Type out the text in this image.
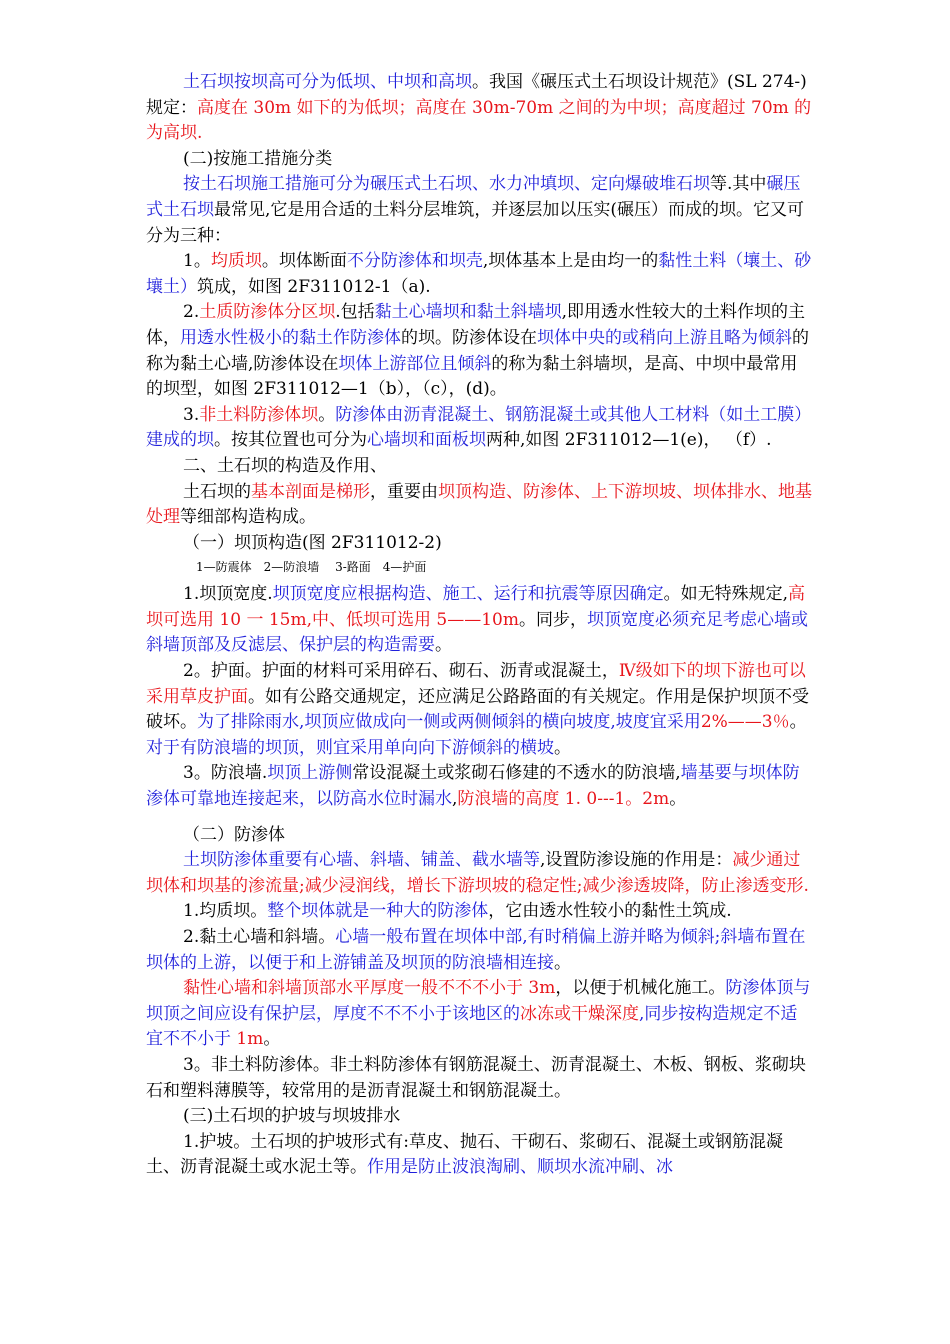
土石坝按坝高可分为低坝、中坝和高坝。我国《碾压式土石坝设计规范》(SL 274-)规定：高度在 30m 如下的为低坝；高度在 30m-70m 之间的为中坝；高度超过 70m 的为高坝.

(二)按施工措施分类

按土石坝施工措施可分为碾压式土石坝、水力冲填坝、定向爆破堆石坝等.其中碾压式土石坝最常见,它是用合适的土料分层堆筑，并逐层加以压实(碾压）而成的坝。它又可分为三种：

1。均质坝。坝体断面不分防渗体和坝壳,坝体基本上是由均一的黏性土料（壤土、砂壤土）筑成，如图 2F311012-1（a).

2.土质防渗体分区坝.包括黏土心墙坝和黏土斜墙坝,即用透水性较大的土料作坝的主体，用透水性极小的黏土作防渗体的坝。防渗体设在坝体中央的或稍向上游且略为倾斜的称为黏土心墙,防渗体设在坝体上游部位且倾斜的称为黏土斜墙坝，是高、中坝中最常用的坝型，如图 2F311012—1（b），（c），(d)。

3.非土料防渗体坝。防渗体由沥青混凝土、钢筋混凝土或其他人工材料（如土工膜）建成的坝。按其位置也可分为心墙坝和面板坝两种,如图 2F311012—1(e)， （f）.

二、土石坝的构造及作用、

土石坝的基本剖面是梯形，重要由坝顶构造、防渗体、上下游坝坡、坝体排水、地基处理等细部构造构成。

（一）坝顶构造(图 2F311012-2)

1—防震体　2—防浪墙　 3-路面　4—护面

1.坝顶宽度.坝顶宽度应根据构造、施工、运行和抗震等原因确定。如无特殊规定,高坝可选用 10 一 15m,中、低坝可选用 5——10m。同步，坝顶宽度必须充足考虑心墙或斜墙顶部及反滤层、保护层的构造需要。

2。护面。护面的材料可采用碎石、砌石、沥青或混凝土，Ⅳ级如下的坝下游也可以采用草皮护面。如有公路交通规定，还应满足公路路面的有关规定。作用是保护坝顶不受破坏。为了排除雨水,坝顶应做成向一侧或两侧倾斜的横向坡度,坡度宜采用2%——3％。对于有防浪墙的坝顶，则宜采用单向向下游倾斜的横坡。

3。防浪墙.坝顶上游侧常设混凝土或浆砌石修建的不透水的防浪墙,墙基要与坝体防渗体可靠地连接起来，以防高水位时漏水,防浪墙的高度 1. 0---1。2m。

（二）防渗体

土坝防渗体重要有心墙、斜墙、铺盖、截水墙等,设置防渗设施的作用是：减少通过坝体和坝基的渗流量;减少浸润线，增长下游坝坡的稳定性;减少渗透坡降，防止渗透变形.

1.均质坝。整个坝体就是一种大的防渗体，它由透水性较小的黏性土筑成.

2.黏土心墙和斜墙。心墙一般布置在坝体中部,有时稍偏上游并略为倾斜;斜墙布置在坝体的上游，以便于和上游铺盖及坝顶的防浪墙相连接。

黏性心墙和斜墙顶部水平厚度一般不不不小于 3m，以便于机械化施工。防渗体顶与坝顶之间应设有保护层，厚度不不不小于该地区的冰冻或干燥深度,同步按构造规定不适宜不不小于 1m。

3。非土料防渗体。非土料防渗体有钢筋混凝土、沥青混凝土、木板、钢板、浆砌块石和塑料薄膜等，较常用的是沥青混凝土和钢筋混凝土。

(三)土石坝的护坡与坝坡排水

1.护坡。土石坝的护坡形式有:草皮、抛石、干砌石、浆砌石、混凝土或钢筋混凝土、沥青混凝土或水泥土等。作用是防止波浪淘刷、顺坝水流冲刷、冰
